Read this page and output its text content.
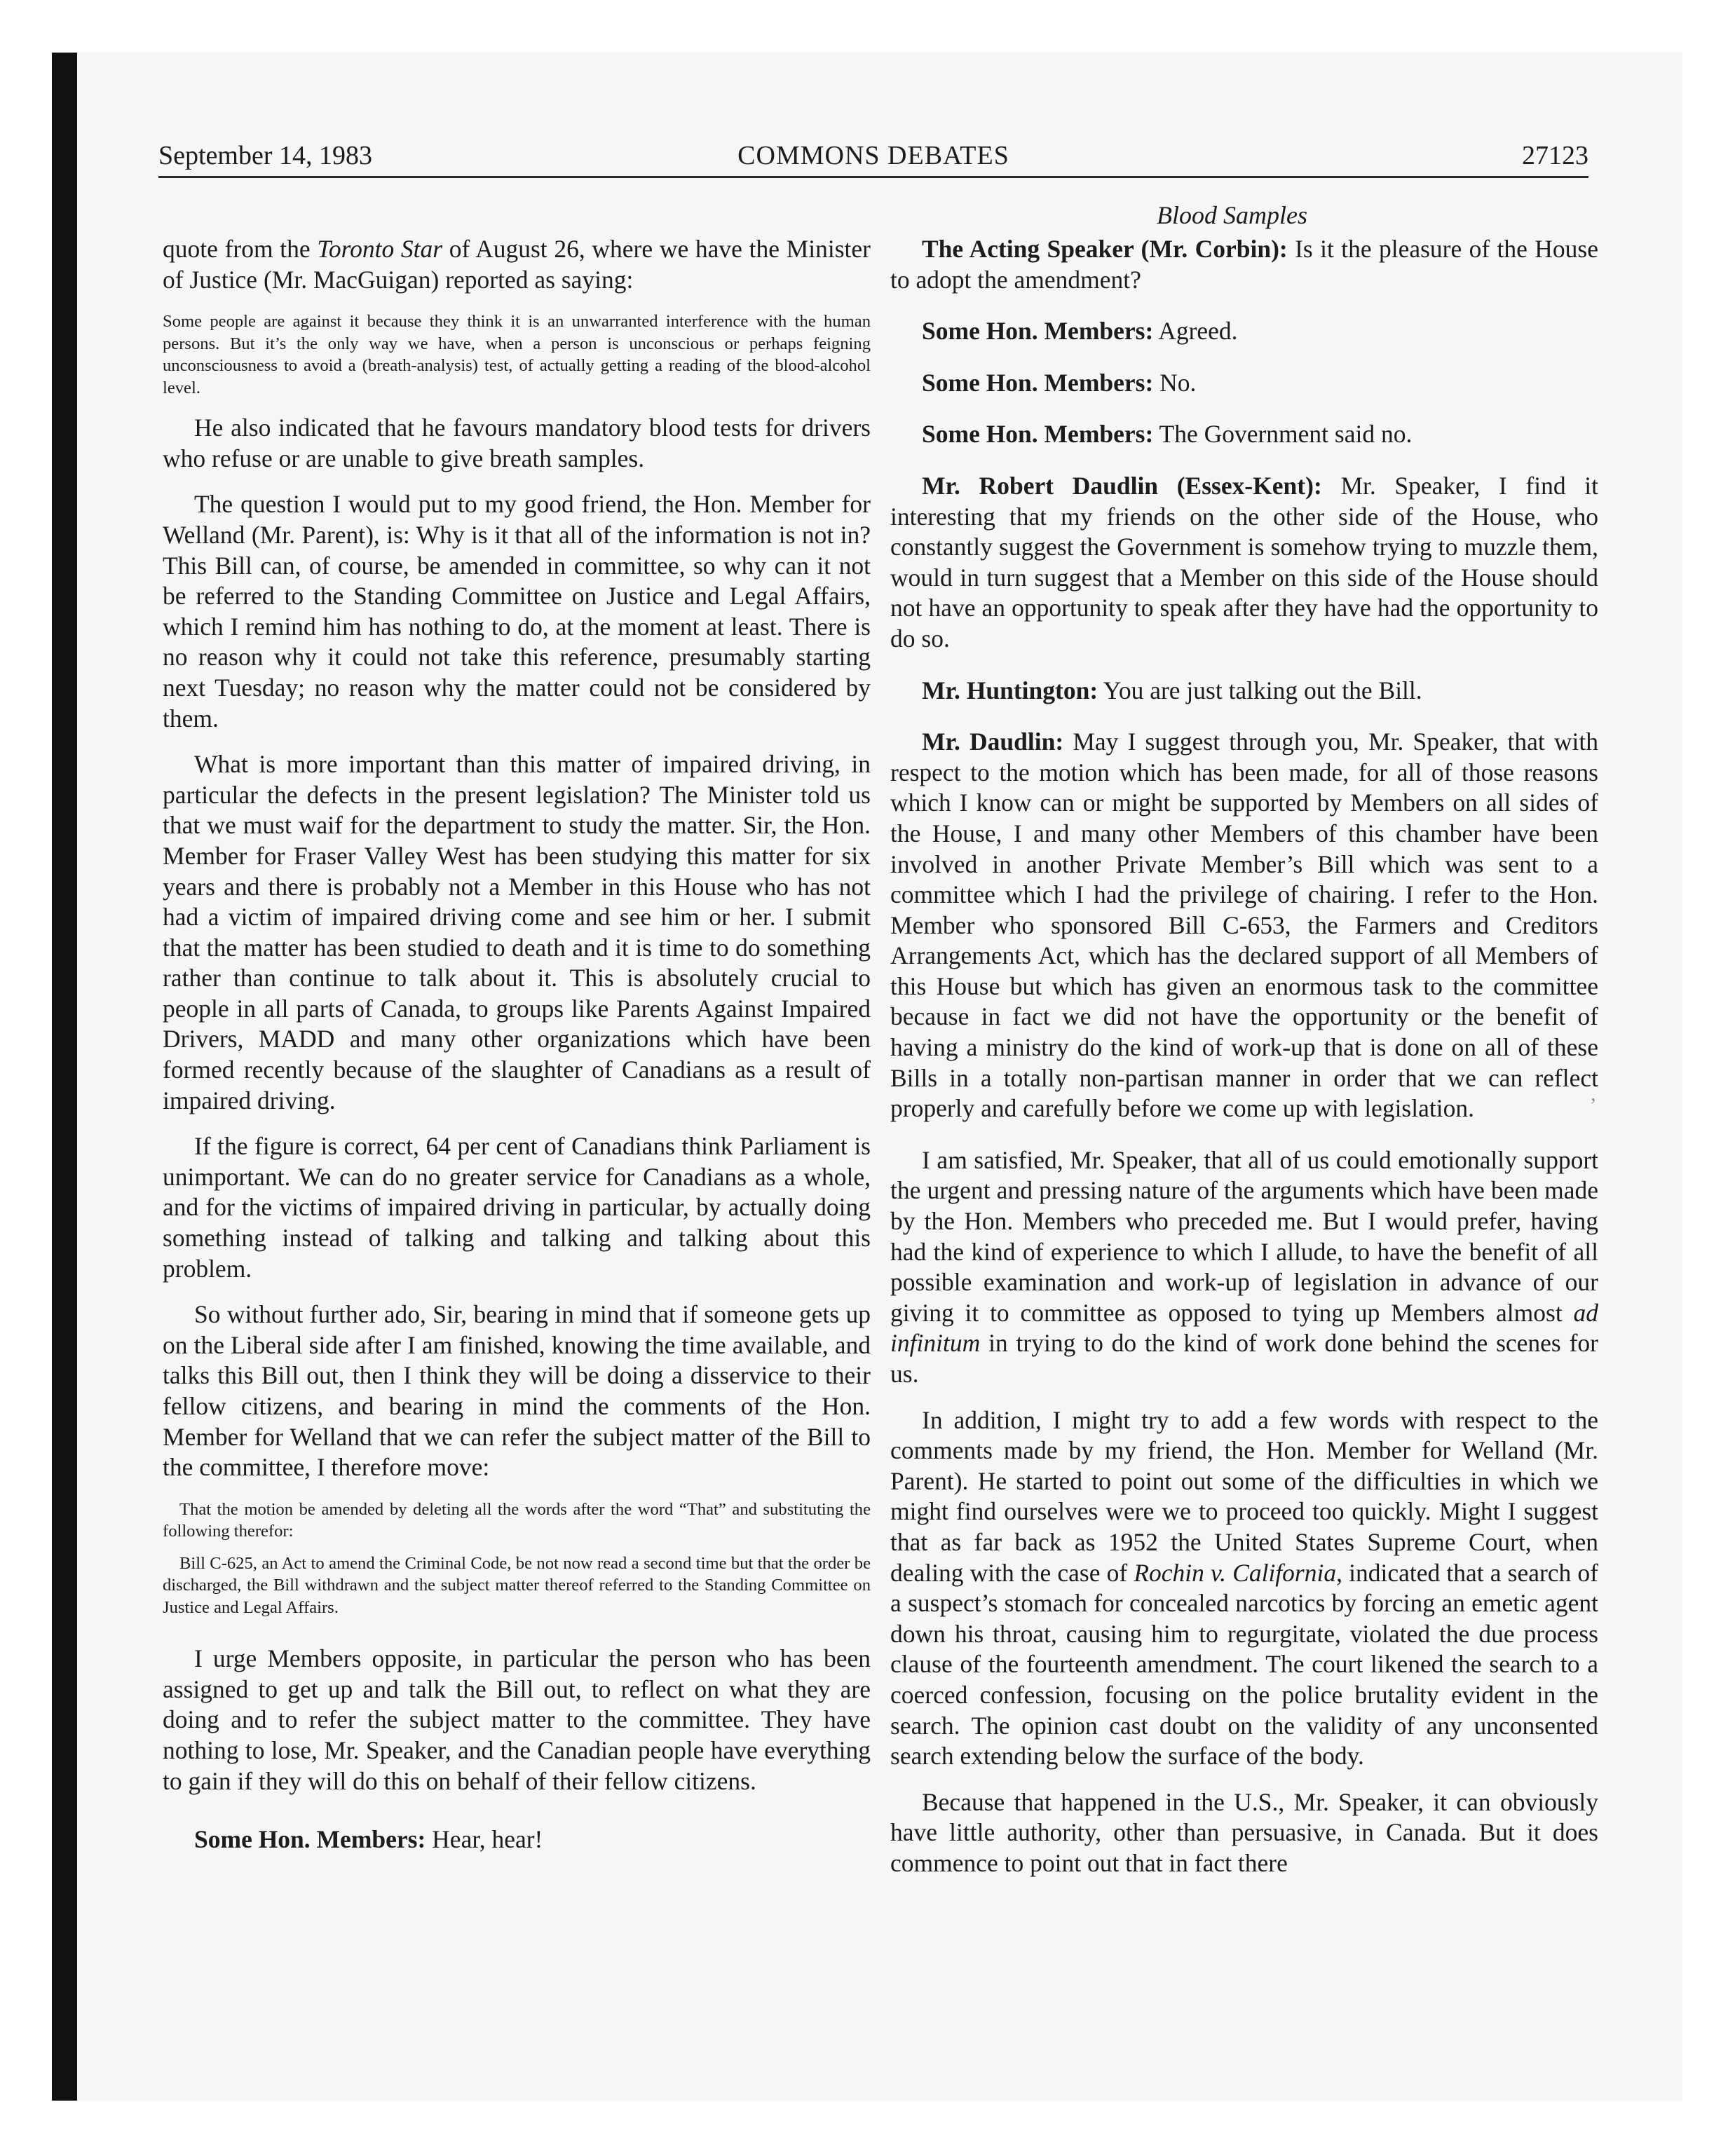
September 14, 1983	COMMONS DEBATES	27123
Blood Samples

quote from the Toronto Star of August 26, where we have the Minister of Justice (Mr. MacGuigan) reported as saying:

Some people are against it because they think it is an unwarranted interference with the human persons. But it’s the only way we have, when a person is unconscious or perhaps feigning unconsciousness to avoid a (breath-analysis) test, of actually getting a reading of the blood-alcohol level.

He also indicated that he favours mandatory blood tests for drivers who refuse or are unable to give breath samples.

The question I would put to my good friend, the Hon. Member for Welland (Mr. Parent), is: Why is it that all of the information is not in? This Bill can, of course, be amended in committee, so why can it not be referred to the Standing Committee on Justice and Legal Affairs, which I remind him has nothing to do, at the moment at least. There is no reason why it could not take this reference, presumably starting next Tuesday; no reason why the matter could not be considered by them.

What is more important than this matter of impaired driving, in particular the defects in the present legislation? The Minister told us that we must waif for the department to study the matter. Sir, the Hon. Member for Fraser Valley West has been studying this matter for six years and there is probably not a Member in this House who has not had a victim of impaired driving come and see him or her. I submit that the matter has been studied to death and it is time to do something rather than continue to talk about it. This is absolutely crucial to people in all parts of Canada, to groups like Parents Against Impaired Drivers, MADD and many other organizations which have been formed recently because of the slaughter of Canadians as a result of impaired driving.

If the figure is correct, 64 per cent of Canadians think Parliament is unimportant. We can do no greater service for Canadians as a whole, and for the victims of impaired driving in particular, by actually doing something instead of talking and talking and talking about this problem.

So without further ado, Sir, bearing in mind that if someone gets up on the Liberal side after I am finished, knowing the time available, and talks this Bill out, then I think they will be doing a disservice to their fellow citizens, and bearing in mind the comments of the Hon. Member for Welland that we can refer the subject matter of the Bill to the committee, I therefore move:

That the motion be amended by deleting all the words after the word “That” and substituting the following therefor:

Bill C-625, an Act to amend the Criminal Code, be not now read a second time but that the order be discharged, the Bill withdrawn and the subject matter thereof referred to the Standing Committee on Justice and Legal Affairs.

I urge Members opposite, in particular the person who has been assigned to get up and talk the Bill out, to reflect on what they are doing and to refer the subject matter to the committee. They have nothing to lose, Mr. Speaker, and the Canadian people have everything to gain if they will do this on behalf of their fellow citizens.

Some Hon. Members: Hear, hear!

The Acting Speaker (Mr. Corbin): Is it the pleasure of the House to adopt the amendment?

Some Hon. Members: Agreed.

Some Hon. Members: No.

Some Hon. Members: The Government said no.

Mr. Robert Daudlin (Essex-Kent): Mr. Speaker, I find it interesting that my friends on the other side of the House, who constantly suggest the Government is somehow trying to muzzle them, would in turn suggest that a Member on this side of the House should not have an opportunity to speak after they have had the opportunity to do so.

Mr. Huntington: You are just talking out the Bill.

Mr. Daudlin: May I suggest through you, Mr. Speaker, that with respect to the motion which has been made, for all of those reasons which I know can or might be supported by Members on all sides of the House, I and many other Members of this chamber have been involved in another Private Member’s Bill which was sent to a committee which I had the privilege of chairing. I refer to the Hon. Member who sponsored Bill C-653, the Farmers and Creditors Arrangements Act, which has the declared support of all Members of this House but which has given an enormous task to the committee because in fact we did not have the opportunity or the benefit of having a ministry do the kind of work-up that is done on all of these Bills in a totally non-partisan manner in order that we can reflect properly and carefully before we come up with legislation.

I am satisfied, Mr. Speaker, that all of us could emotionally support the urgent and pressing nature of the arguments which have been made by the Hon. Members who preceded me. But I would prefer, having had the kind of experience to which I allude, to have the benefit of all possible examination and work-up of legislation in advance of our giving it to committee as opposed to tying up Members almost ad infinitum in trying to do the kind of work done behind the scenes for us.

In addition, I might try to add a few words with respect to the comments made by my friend, the Hon. Member for Welland (Mr. Parent). He started to point out some of the difficulties in which we might find ourselves were we to proceed too quickly. Might I suggest that as far back as 1952 the United States Supreme Court, when dealing with the case of Rochin v. California, indicated that a search of a suspect’s stomach for concealed narcotics by forcing an emetic agent down his throat, causing him to regurgitate, violated the due process clause of the fourteenth amendment. The court likened the search to a coerced confession, focusing on the police brutality evident in the search. The opinion cast doubt on the validity of any unconsented search extending below the surface of the body.

Because that happened in the U.S., Mr. Speaker, it can obviously have little authority, other than persuasive, in Canada. But it does commence to point out that in fact there

’
